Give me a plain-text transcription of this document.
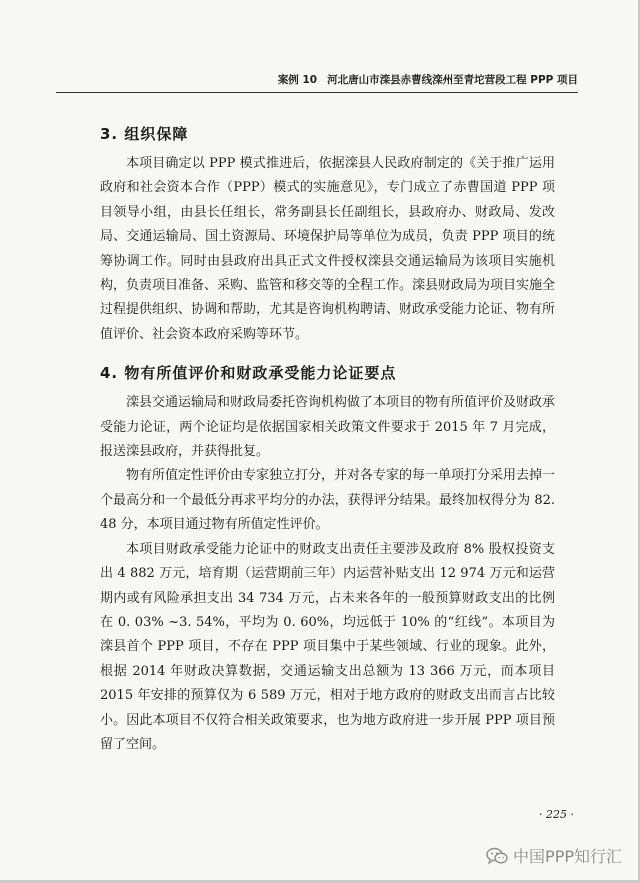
案例 10 河北唐山市滦县赤曹线滦州至青坨营段工程 PPP 项目
3. 组织保障

本项目确定以 PPP 模式推进后，依据滦县人民政府制定的《关于推广运用政府和社会资本合作（PPP）模式的实施意见》，专门成立了赤曹国道 PPP 项目领导小组，由县长任组长，常务副县长任副组长，县政府办、财政局、发改局、交通运输局、国土资源局、环境保护局等单位为成员，负责 PPP 项目的统筹协调工作。同时由县政府出具正式文件授权滦县交通运输局为该项目实施机构，负责项目准备、采购、监管和移交等的全程工作。滦县财政局为项目实施全过程提供组织、协调和帮助，尤其是咨询机构聘请、财政承受能力论证、物有所值评价、社会资本政府采购等环节。

4. 物有所值评价和财政承受能力论证要点

滦县交通运输局和财政局委托咨询机构做了本项目的物有所值评价及财政承受能力论证，两个论证均是依据国家相关政策文件要求于 2015 年 7 月完成，报送滦县政府，并获得批复。

物有所值定性评价由专家独立打分，并对各专家的每一单项打分采用去掉一个最高分和一个最低分再求平均分的办法，获得评分结果。最终加权得分为 82. 48 分，本项目通过物有所值定性评价。

本项目财政承受能力论证中的财政支出责任主要涉及政府 8% 股权投资支出 4 882 万元，培育期（运营期前三年）内运营补贴支出 12 974 万元和运营期内或有风险承担支出 34 734 万元，占未来各年的一般预算财政支出的比例在 0. 03% ~3. 54%，平均为 0. 60%，均远低于 10% 的“红线”。本项目为滦县首个 PPP 项目，不存在 PPP 项目集中于某些领域、行业的现象。此外，根据 2014 年财政决算数据，交通运输支出总额为 13 366 万元，而本项目 2015 年安排的预算仅为 6 589 万元，相对于地方政府的财政支出而言占比较小。因此本项目不仅符合相关政策要求，也为地方政府进一步开展 PPP 项目预留了空间。

· 225 ·
中国PPP知行汇
